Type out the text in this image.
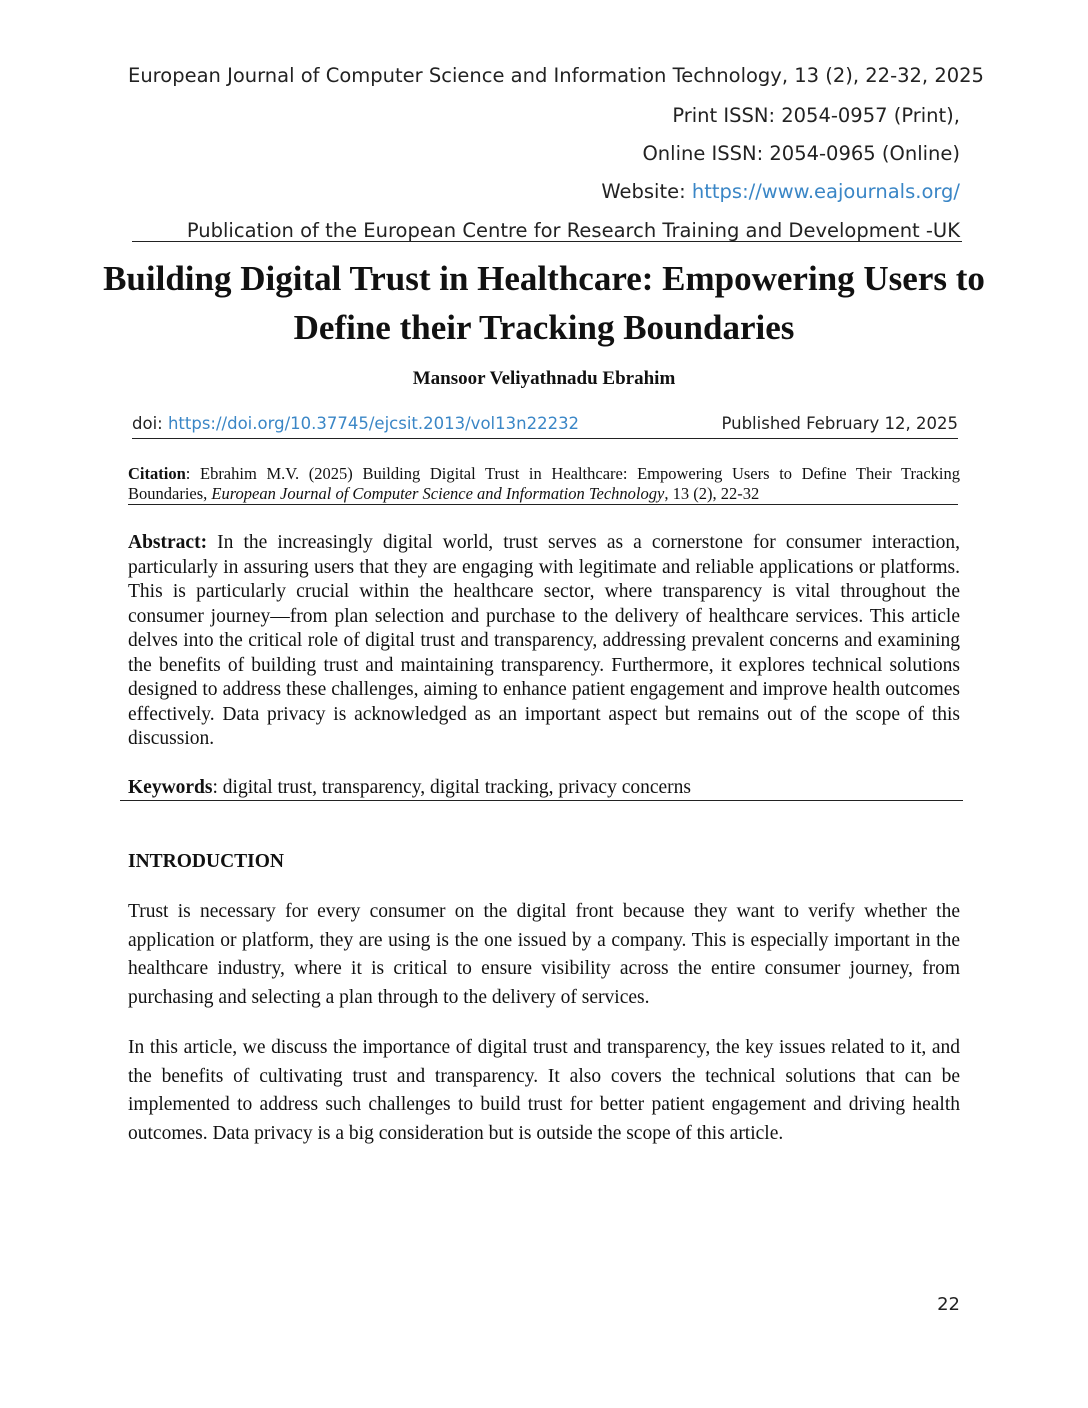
European Journal of Computer Science and Information Technology, 13 (2), 22-32, 2025
Print ISSN: 2054-0957 (Print),
Online ISSN: 2054-0965 (Online)
Website: https://www.eajournals.org/
Publication of the European Centre for Research Training and Development -UK
Building Digital Trust in Healthcare: Empowering Users to Define their Tracking Boundaries
Mansoor Veliyathnadu Ebrahim
doi: https://doi.org/10.37745/ejcsit.2013/vol13n22232	Published February 12, 2025
Citation: Ebrahim M.V. (2025) Building Digital Trust in Healthcare: Empowering Users to Define Their Tracking Boundaries, European Journal of Computer Science and Information Technology, 13 (2), 22-32
Abstract: In the increasingly digital world, trust serves as a cornerstone for consumer interaction, particularly in assuring users that they are engaging with legitimate and reliable applications or platforms. This is particularly crucial within the healthcare sector, where transparency is vital throughout the consumer journey—from plan selection and purchase to the delivery of healthcare services. This article delves into the critical role of digital trust and transparency, addressing prevalent concerns and examining the benefits of building trust and maintaining transparency. Furthermore, it explores technical solutions designed to address these challenges, aiming to enhance patient engagement and improve health outcomes effectively. Data privacy is acknowledged as an important aspect but remains out of the scope of this discussion.
Keywords: digital trust, transparency, digital tracking, privacy concerns
INTRODUCTION
Trust is necessary for every consumer on the digital front because they want to verify whether the application or platform, they are using is the one issued by a company. This is especially important in the healthcare industry, where it is critical to ensure visibility across the entire consumer journey, from purchasing and selecting a plan through to the delivery of services.
In this article, we discuss the importance of digital trust and transparency, the key issues related to it, and the benefits of cultivating trust and transparency. It also covers the technical solutions that can be implemented to address such challenges to build trust for better patient engagement and driving health outcomes. Data privacy is a big consideration but is outside the scope of this article.
22
